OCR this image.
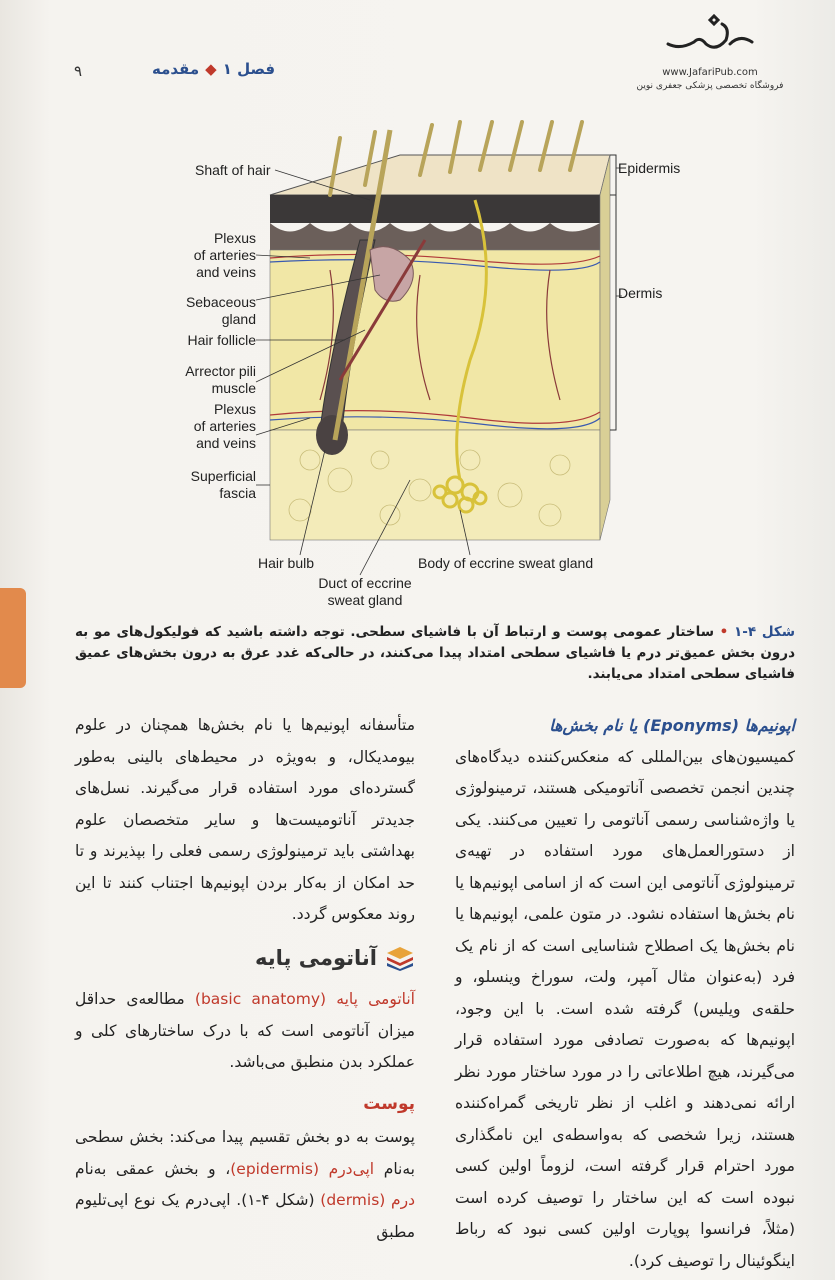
٩	فصل ۱◆مقدمه	www.JafariPub.com
فروشگاه تخصصی پزشکی جعفری نوین
Shaft of hair	Epidermis
Plexus
of arteries
and veins
Dermis
Sebaceous
gland
Hair follicle
Arrector pili
muscle
Plexus
of arteries
and veins
Superficial
fascia
Hair bulb
Duct of eccrine
sweat gland
Body of eccrine sweat gland
شکل ۴-۱ • ساختار عمومی پوست و ارتباط آن با فاشیای سطحی. توجه داشته باشید که فولیکول‌های مو به درون بخش عمیق‌تر درم یا فاشیای سطحی امتداد پیدا می‌کنند، در حالی‌که غدد عرق به درون بخش‌های عمیق فاشیای سطحی امتداد می‌یابند.
اپونیم‌ها (Eponyms) یا نام بخش‌ها
کمیسیون‌های بین‌المللی که منعکس‌کننده دیدگاه‌های چندین انجمن تخصصی آناتومیکی هستند، ترمینولوژی یا واژه‌شناسی رسمی آناتومی را تعیین می‌کنند. یکی از دستورالعمل‌های مورد استفاده در تهیه‌ی ترمینولوژی آناتومی این است که از اسامی اپونیم‌ها یا نام بخش‌ها استفاده نشود. در متون علمی، اپونیم‌ها یا نام بخش‌ها یک اصطلاح شناسایی است که از نام یک فرد (به‌عنوان مثال آمپر، ولت، سوراخ وینسلو، و حلقه‌ی ویلیس) گرفته شده است. با این وجود، اپونیم‌ها که به‌صورت تصادفی مورد استفاده قرار می‌گیرند، هیچ اطلاعاتی را در مورد ساختار مورد نظر ارائه نمی‌دهند و اغلب از نظر تاریخی گمراه‌کننده هستند، زیرا شخصی که به‌واسطه‌ی این نامگذاری مورد احترام قرار گرفته است، لزوماً اولین کسی نبوده است که این ساختار را توصیف کرده است (مثلاً، فرانسوا پوپارت اولین کسی نبود که رباط اینگوئینال را توصیف کرد).
متأسفانه اپونیم‌ها یا نام بخش‌ها همچنان در علوم بیومدیکال، و به‌ویژه در محیط‌های بالینی به‌طور گسترده‌ای مورد استفاده قرار می‌گیرند. نسل‌های جدیدتر آناتومیست‌ها و سایر متخصصان علوم بهداشتی باید ترمینولوژی رسمی فعلی را بپذیرند و تا حد امکان از به‌کار بردن اپونیم‌ها اجتناب کنند تا این روند معکوس گردد.
آناتومی پایه
آناتومی پایه (basic anatomy) مطالعه‌ی حداقل میزان آناتومی است که با درک ساختارهای کلی و عملکرد بدن منطبق می‌باشد.
پوست
پوست به دو بخش تقسیم پیدا می‌کند: بخش سطحی به‌نام اپی‌درم (epidermis)، و بخش عمقی به‌نام درم (dermis) (شکل ۴-۱). اپی‌درم یک نوع اپی‌تلیوم مطبق
